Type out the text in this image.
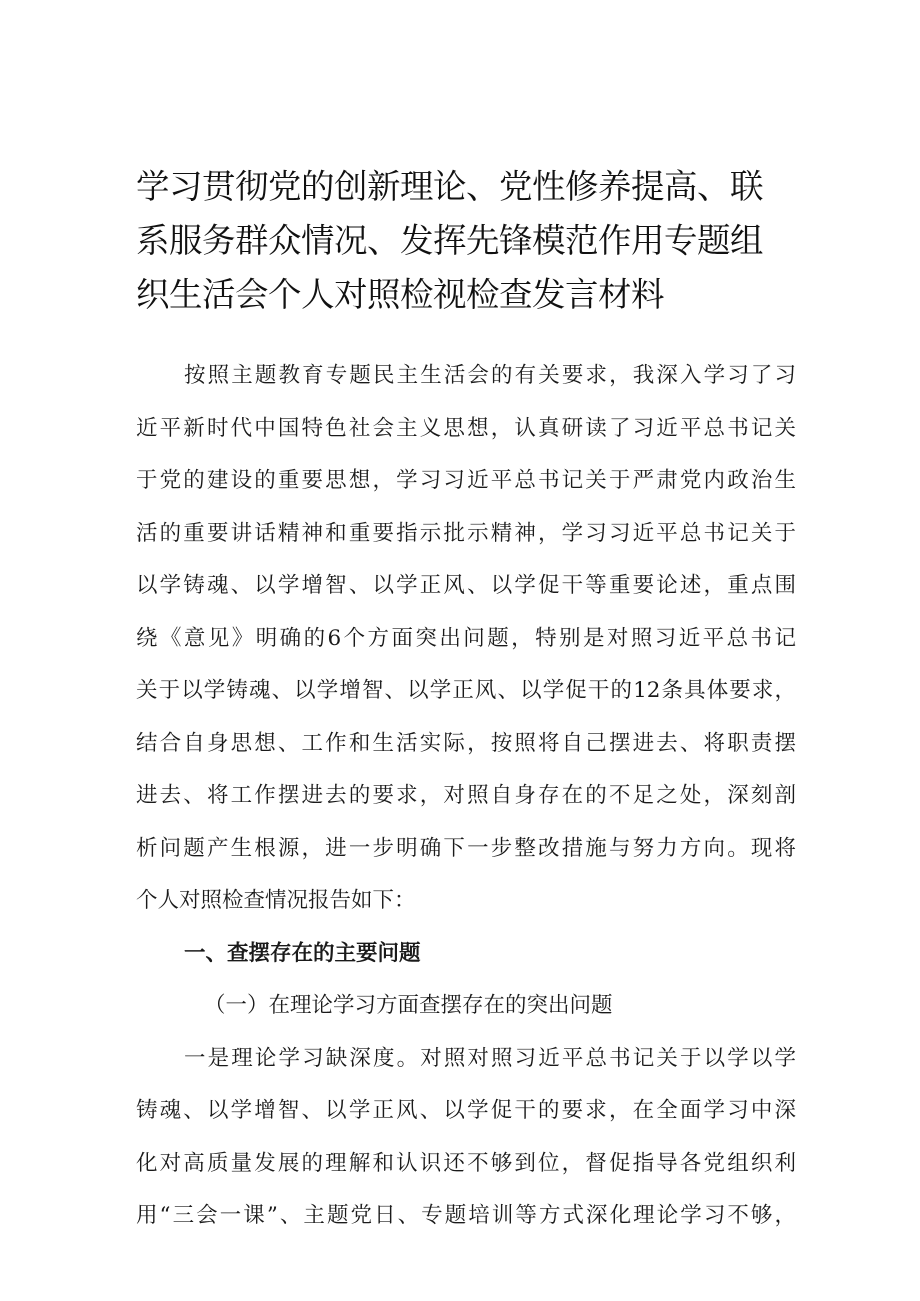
学习贯彻党的创新理论、党性修养提高、联
系服务群众情况、发挥先锋模范作用专题组
织生活会个人对照检视检查发言材料
按照主题教育专题民主生活会的有关要求，我深入学习了习
近平新时代中国特色社会主义思想，认真研读了习近平总书记关
于党的建设的重要思想，学习习近平总书记关于严肃党内政治生
活的重要讲话精神和重要指示批示精神，学习习近平总书记关于
以学铸魂、以学增智、以学正风、以学促干等重要论述，重点围
绕《意见》明确的6个方面突出问题，特别是对照习近平总书记
关于以学铸魂、以学增智、以学正风、以学促干的12条具体要求，
结合自身思想、工作和生活实际，按照将自己摆进去、将职责摆
进去、将工作摆进去的要求，对照自身存在的不足之处，深刻剖
析问题产生根源，进一步明确下一步整改措施与努力方向。现将
个人对照检查情况报告如下：
一、查摆存在的主要问题
（一）在理论学习方面查摆存在的突出问题
一是理论学习缺深度。对照对照习近平总书记关于以学以学
铸魂、以学增智、以学正风、以学促干的要求，在全面学习中深
化对高质量发展的理解和认识还不够到位，督促指导各党组织利
用“三会一课”、主题党日、专题培训等方式深化理论学习不够，
